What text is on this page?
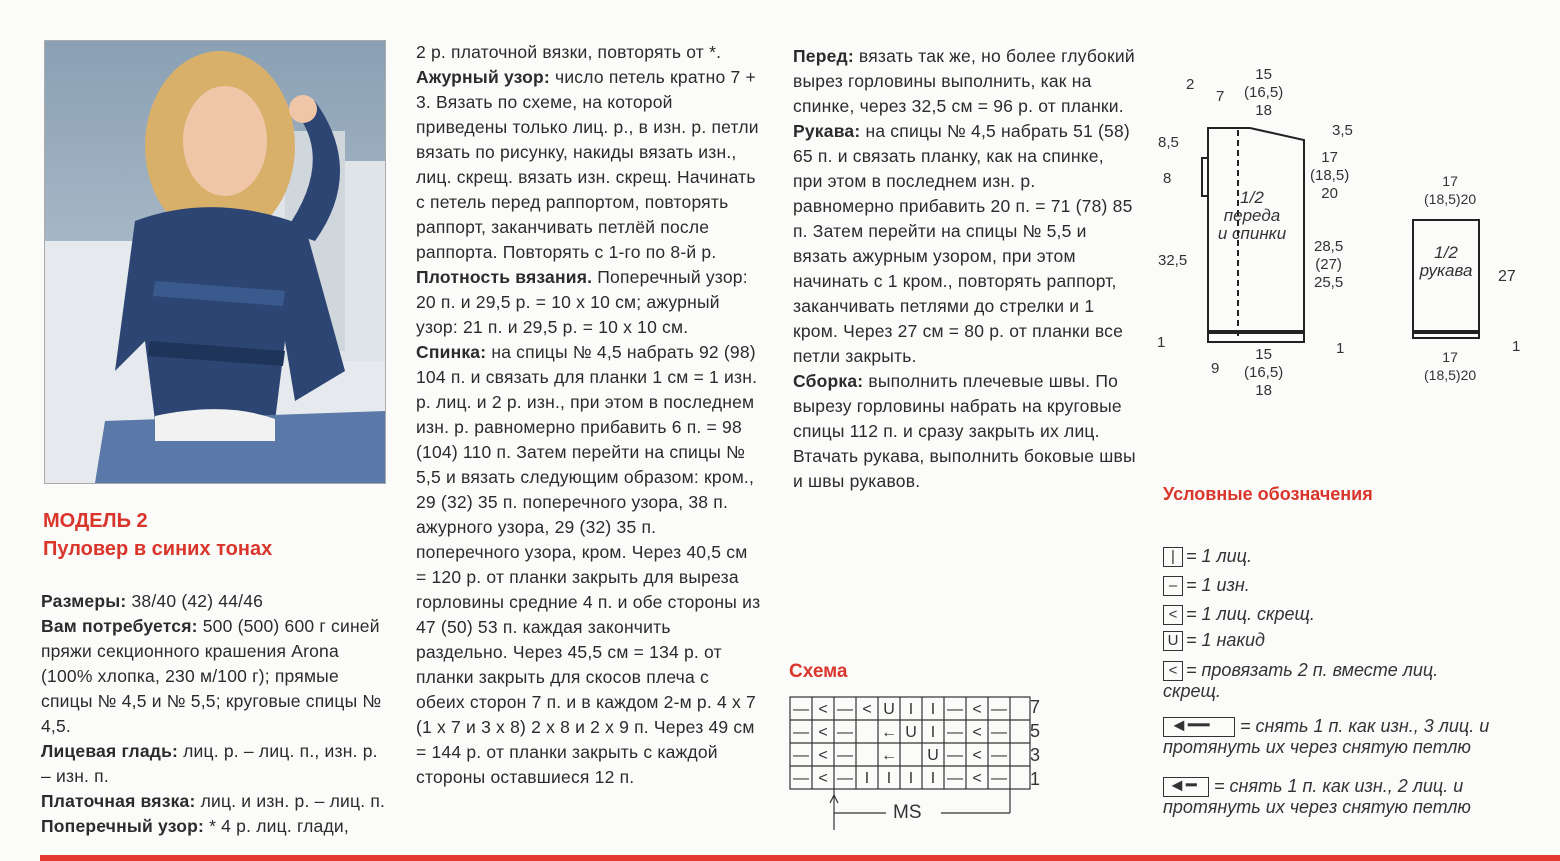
МОДЕЛЬ 2
Пуловер в синих тонах

Размеры: 38/40 (42) 44/46

Вам потребуется: 500 (500) 600 г синей пряжи секционного крашения Arona (100% хлопка, 230 м/100 г); прямые спицы № 4,5 и № 5,5; круговые спицы № 4,5.

Лицевая гладь: лиц. р. – лиц. п., изн. р. – изн. п.

Платочная вязка: лиц. и изн. р. – лиц. п.

Поперечный узор: * 4 р. лиц. глади,

2 р. платочной вязки, повторять от *.

Ажурный узор: число петель кратно 7 + 3. Вязать по схеме, на которой приведены только лиц. р., в изн. р. петли вязать по рисунку, накиды вязать изн., лиц. скрещ. вязать изн. скрещ. Начинать с петель перед раппортом, повторять раппорт, заканчивать петлёй после раппорта. Повторять с 1-го по 8-й р.

Плотность вязания. Поперечный узор: 20 п. и 29,5 р. = 10 х 10 см; ажурный узор: 21 п. и 29,5 р. = 10 х 10 см.

Спинка: на спицы № 4,5 набрать 92 (98) 104 п. и связать для планки 1 см = 1 изн. р. лиц. и 2 р. изн., при этом в последнем изн. р. равномерно прибавить 6 п. = 98 (104) 110 п. Затем перейти на спицы № 5,5 и вязать следующим образом: кром., 29 (32) 35 п. поперечного узора, 38 п. ажурного узора, 29 (32) 35 п. поперечного узора, кром. Через 40,5 см = 120 р. от планки закрыть для выреза горловины средние 4 п. и обе стороны из 47 (50) 53 п. каждая закончить раздельно. Через 45,5 см = 134 р. от планки закрыть для скосов плеча с обеих сторон 7 п. и в каждом 2-м р. 4 х 7 (1 х 7 и 3 х 8) 2 х 8 и 2 х 9 п. Через 49 см = 144 р. от планки закрыть с каждой стороны оставшиеся 12 п.

Перед: вязать так же, но более глубокий вырез горловины выполнить, как на спинке, через 32,5 см = 96 р. от планки.

Рукава: на спицы № 4,5 набрать 51 (58) 65 п. и связать планку, как на спинке, при этом в последнем изн. р. равномерно прибавить 20 п. = 71 (78) 85 п. Затем перейти на спицы № 5,5 и вязать ажурным узором, при этом начинать с 1 кром., повторять раппорт, заканчивать петлями до стрелки и 1 кром. Через 27 см = 80 р. от планки все петли закрыть.

Сборка: выполнить плечевые швы. По вырезу горловины набрать на круговые спицы 112 п. и сразу закрыть их лиц. Втачать рукава, выполнить боковые швы и швы рукавов.

Схема
— < — < U I I — < —
— < — ← U I — < —
— < — ← U — < —
— < — I I I I — < —
7
5
3
1
MS
2
7
15
(16,5)
18
8,5
8
32,5
1
3,5
17
(18,5)
20
28,5
(27)
25,5
1
9
15
(16,5)
18
1/2
переда
и спинки
17
(18,5)20
17
(18,5)20
27
1
1/2
рукава
Условные обозначения
| = 1 лиц.
– = 1 изн.
< = 1 лиц. скрещ.
U = 1 накид
< = провязать 2 п. вместе лиц. скрещ.
◄━━ = снять 1 п. как изн., 3 лиц. и протянуть их через снятую петлю
◄━ = снять 1 п. как изн., 2 лиц. и протянуть их через снятую петлю
